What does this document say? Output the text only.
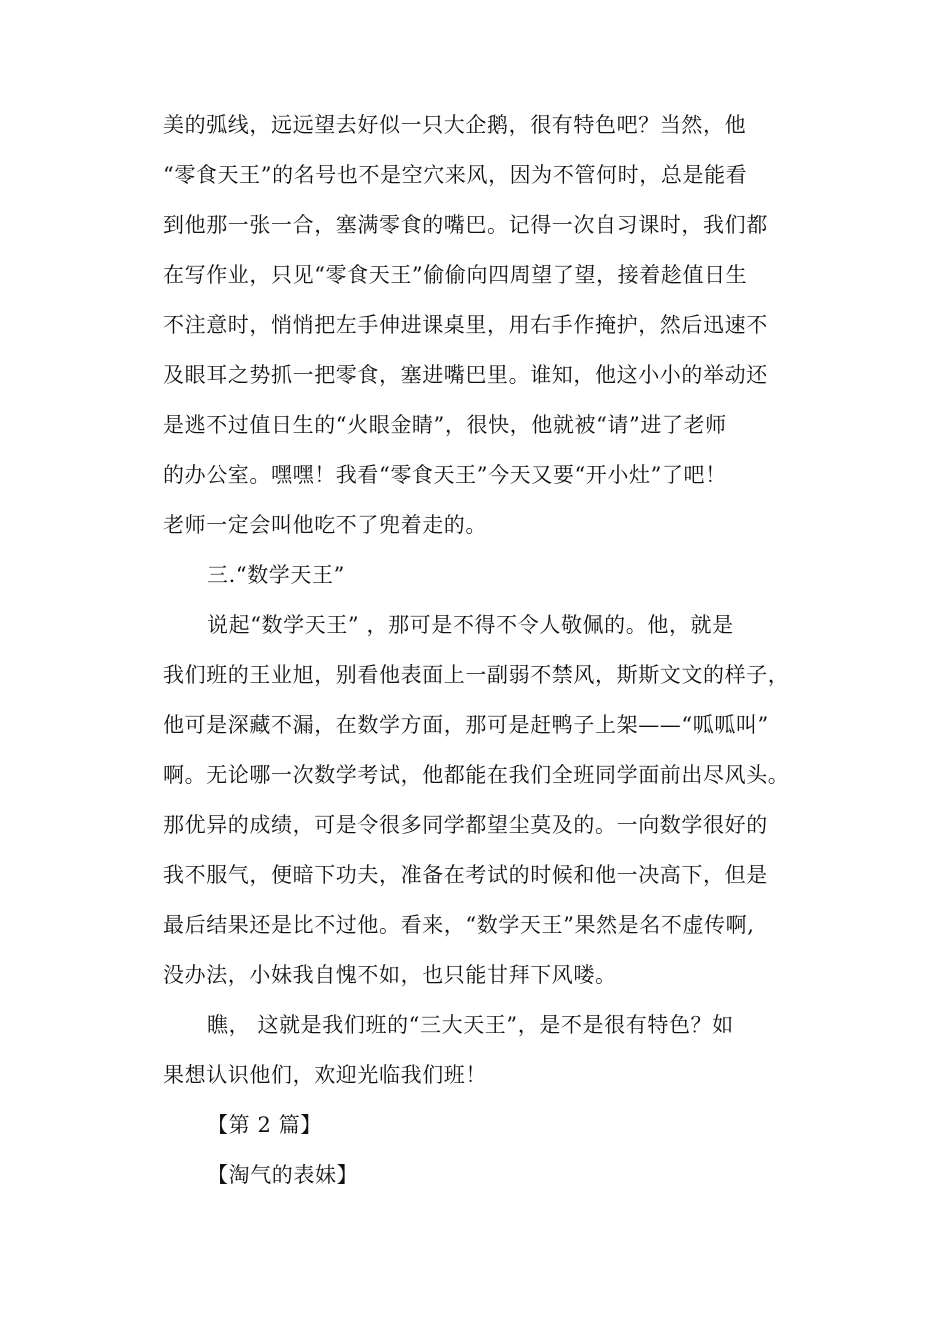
美的弧线，远远望去好似一只大企鹅，很有特色吧？当然，他
“零食天王”的名号也不是空穴来风，因为不管何时，总是能看
到他那一张一合，塞满零食的嘴巴。记得一次自习课时，我们都
在写作业，只见“零食天王”偷偷向四周望了望，接着趁值日生
不注意时，悄悄把左手伸进课桌里，用右手作掩护，然后迅速不
及眼耳之势抓一把零食，塞进嘴巴里。谁知，他这小小的举动还
是逃不过值日生的“火眼金睛”，很快，他就被“请”进了老师
的办公室。嘿嘿！我看“零食天王”今天又要“开小灶”了吧！
老师一定会叫他吃不了兜着走的。
三.“数学天王”
说起“数学天王” ，那可是不得不令人敬佩的。他，就是
我们班的王业旭，别看他表面上一副弱不禁风，斯斯文文的样子，
他可是深藏不漏，在数学方面，那可是赶鸭子上架——“呱呱叫”
啊。无论哪一次数学考试，他都能在我们全班同学面前出尽风头。
那优异的成绩，可是令很多同学都望尘莫及的。一向数学很好的
我不服气，便暗下功夫，准备在考试的时候和他一决高下，但是
最后结果还是比不过他。看来，“数学天王”果然是名不虚传啊,
没办法，小妹我自愧不如，也只能甘拜下风喽。
瞧， 这就是我们班的“三大天王”，是不是很有特色？如
果想认识他们，欢迎光临我们班！
【第 2 篇】
【淘气的表妹】
